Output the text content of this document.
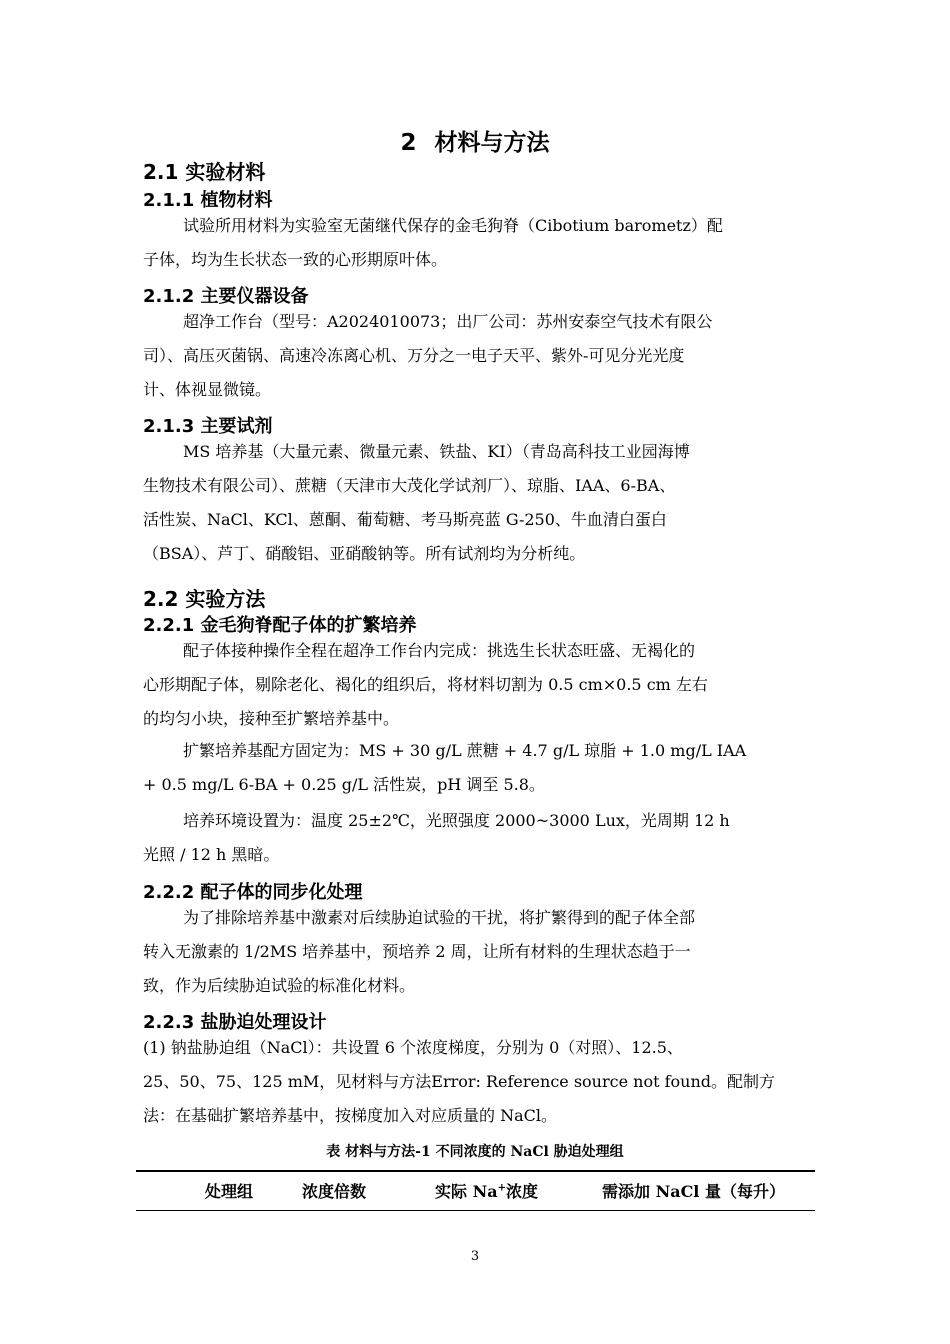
2 材料与方法
2.1 实验材料
2.1.1 植物材料
试验所用材料为实验室无菌继代保存的金毛狗脊（Cibotium barometz）配
子体，均为生长状态一致的心形期原叶体。
2.1.2 主要仪器设备
超净工作台（型号：A2024010073；出厂公司：苏州安泰空气技术有限公
司）、高压灭菌锅、高速冷冻离心机、万分之一电子天平、紫外-可见分光光度
计、体视显微镜。
2.1.3 主要试剂
MS 培养基（大量元素、微量元素、铁盐、KI）（青岛高科技工业园海博
生物技术有限公司）、蔗糖（天津市大茂化学试剂厂）、琼脂、IAA、6-BA、
活性炭、NaCl、KCl、蒽酮、葡萄糖、考马斯亮蓝 G-250、牛血清白蛋白
（BSA）、芦丁、硝酸铝、亚硝酸钠等。所有试剂均为分析纯。
2.2 实验方法
2.2.1 金毛狗脊配子体的扩繁培养
配子体接种操作全程在超净工作台内完成：挑选生长状态旺盛、无褐化的
心形期配子体，剔除老化、褐化的组织后，将材料切割为 0.5 cm×0.5 cm 左右
的均匀小块，接种至扩繁培养基中。
扩繁培养基配方固定为：MS + 30 g/L 蔗糖 + 4.7 g/L 琼脂 + 1.0 mg/L IAA
+ 0.5 mg/L 6-BA + 0.25 g/L 活性炭，pH 调至 5.8。
培养环境设置为：温度 25±2℃，光照强度 2000~3000 Lux，光周期 12 h
光照 / 12 h 黑暗。
2.2.2 配子体的同步化处理
为了排除培养基中激素对后续胁迫试验的干扰，将扩繁得到的配子体全部
转入无激素的 1/2MS 培养基中，预培养 2 周，让所有材料的生理状态趋于一
致，作为后续胁迫试验的标准化材料。
2.2.3 盐胁迫处理设计
(1) 钠盐胁迫组（NaCl）：共设置 6 个浓度梯度，分别为 0（对照）、12.5、
25、50、75、125 mM，见材料与方法Error: Reference source not found。配制方
法：在基础扩繁培养基中，按梯度加入对应质量的 NaCl。
表 材料与方法-1 不同浓度的 NaCl 胁迫处理组
处理组	浓度倍数	实际 Na+浓度	需添加 NaCl 量（每升）
3
